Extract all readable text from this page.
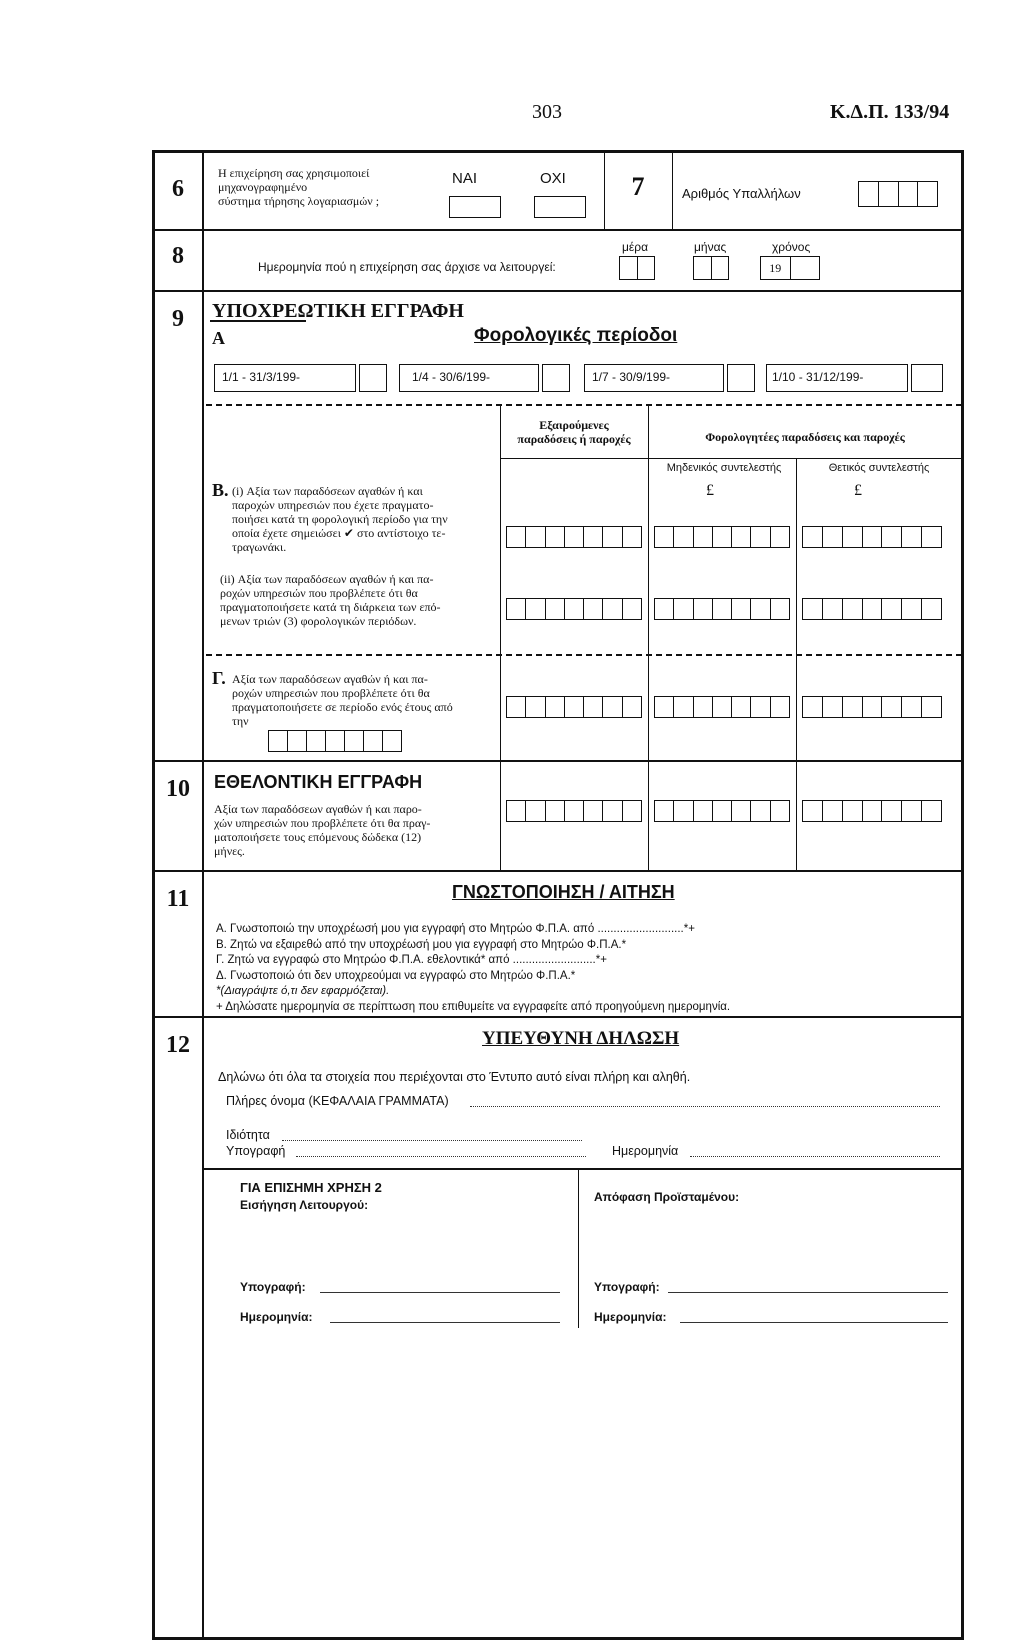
303	Κ.Δ.Π. 133/94
6
Η επιχείρηση σας χρησιμοποιεί
μηχανογραφημένο
σύστημα τήρησης λογαριασμών ;
ΝΑΙ	ΟΧΙ	7	Αριθμός Υπαλλήλων
8	Ημερομηνία πού η επιχείρηση σας άρχισε να λειτουργεί:
μέρα	μήνας	χρόνος
19
9	ΥΠΟΧΡΕΩΤΙΚΗ ΕΓΓΡΑΦΗ
Α	Φορολογικές περίοδοι
1/1 - 31/3/199-	1/4 - 30/6/199-	1/7 - 30/9/199-	1/10 - 31/12/199-
Εξαιρούμενες
παραδόσεις ή παροχές	Φορολογητέες παραδόσεις και παροχές
Μηδενικός συντελεστής	Θετικός συντελεστής
£	£
Β. (i) Αξία των παραδόσεων αγαθών ή και
παροχών υπηρεσιών που έχετε πραγματο-
ποιήσει κατά τη φορολογική περίοδο για την
οποία έχετε σημειώσει ✔ στο αντίστοιχο τε-
τραγωνάκι.
(ii) Αξία των παραδόσεων αγαθών ή και πα-
ροχών υπηρεσιών που προβλέπετε ότι θα
πραγματοποιήσετε κατά τη διάρκεια των επό-
μενων τριών (3) φορολογικών περιόδων.
Γ. Αξία των παραδόσεων αγαθών ή και πα-
ροχών υπηρεσιών που προβλέπετε ότι θα
πραγματοποιήσετε σε περίοδο ενός έτους από
την
10	ΕΘΕΛΟΝΤΙΚΗ ΕΓΓΡΑΦΗ
Αξία των παραδόσεων αγαθών ή και παρο-
χών υπηρεσιών που προβλέπετε ότι θα πραγ-
ματοποιήσετε τους επόμενους δώδεκα (12)
μήνες.
11	ΓΝΩΣΤΟΠΟΙΗΣΗ / ΑΙΤΗΣΗ
Α. Γνωστοποιώ την υποχρέωσή μου για εγγραφή στο Μητρώο Φ.Π.Α. από ...........................*+
Β. Ζητώ να εξαιρεθώ από την υποχρέωσή μου για εγγραφή στο Μητρώο Φ.Π.Α.*
Γ. Ζητώ να εγγραφώ στο Μητρώο Φ.Π.Α. εθελοντικά* από ..........................*+
Δ. Γνωστοποιώ ότι δεν υποχρεούμαι να εγγραφώ στο Μητρώο Φ.Π.Α.*
*(Διαγράψτε ό,τι δεν εφαρμόζεται).
+ Δηλώσατε ημερομηνία σε περίπτωση που επιθυμείτε να εγγραφείτε από προηγούμενη ημερομηνία.
12	ΥΠΕΥΘΥΝΗ ΔΗΛΩΣΗ
Δηλώνω ότι όλα τα στοιχεία που περιέχονται στο Έντυπο αυτό είναι πλήρη και αληθή.
Πλήρες όνομα (ΚΕΦΑΛΑΙΑ ΓΡΑΜΜΑΤΑ)
Ιδιότητα
Υπογραφή	Ημερομηνία
ΓΙΑ ΕΠΙΣΗΜΗ ΧΡΗΣΗ 2
Εισήγηση Λειτουργού:
Απόφαση Προϊσταμένου:
Υπογραφή:	Υπογραφή:
Ημερομηνία:	Ημερομηνία:
